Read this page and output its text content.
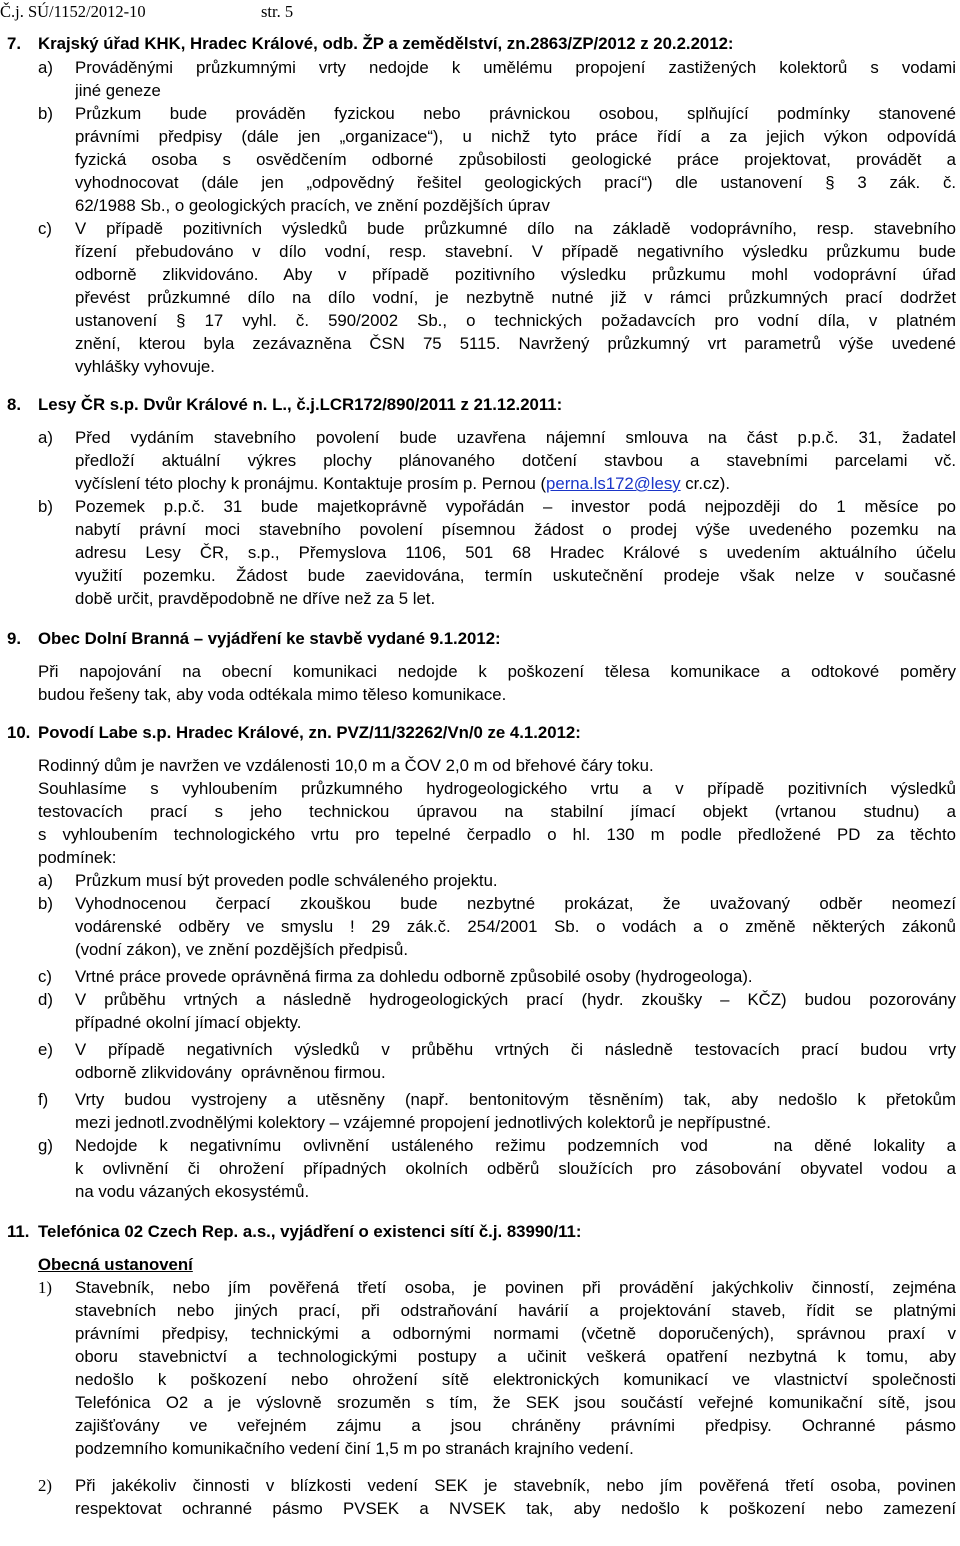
Č.j. SÚ/1152/2012-10	str. 5
7. Krajský úřad KHK, Hradec Králové, odb. ŽP a zemědělství, zn.2863/ZP/2012 z 20.2.2012:
a) Prováděnými průzkumnými vrty nedojde k umělému propojení zastižených kolektorů s vodami
jiné geneze
b) Průzkum bude prováděn fyzickou nebo právnickou osobou, splňující podmínky stanovené
právními předpisy (dále jen „organizace“), u nichž tyto práce řídí a za jejich výkon odpovídá
fyzická osoba s osvědčením odborné způsobilosti geologické práce projektovat, provádět a
vyhodnocovat (dále jen „odpovědný řešitel geologických prací“) dle ustanovení § 3 zák. č.
62/1988 Sb., o geologických pracích, ve znění pozdějších úprav
c) V případě pozitivních výsledků bude průzkumné dílo na základě vodoprávního, resp. stavebního
řízení přebudováno v dílo vodní, resp. stavební. V případě negativního výsledku průzkumu bude
odborně zlikvidováno. Aby v případě pozitivního výsledku průzkumu mohl vodoprávní úřad
převést průzkumné dílo na dílo vodní, je nezbytně nutné již v rámci průzkumných prací dodržet
ustanovení § 17 vyhl. č. 590/2002 Sb., o technických požadavcích pro vodní díla, v platném
znění, kterou byla zezávazněna ČSN 75 5115. Navržený průzkumný vrt parametrů výše uvedené
vyhlášky vyhovuje.
8. Lesy ČR s.p. Dvůr Králové n. L., č.j.LCR172/890/2011 z 21.12.2011:
a) Před vydáním stavebního povolení bude uzavřena nájemní smlouva na část p.p.č. 31, žadatel
předloží aktuální výkres plochy plánovaného dotčení stavbou a stavebními parcelami vč.
vyčíslení této plochy k pronájmu. Kontaktuje prosím p. Pernou (perna.ls172@lesy cr.cz).
b) Pozemek p.p.č. 31 bude majetkoprávně vypořádán – investor podá nejpozději do 1 měsíce po
nabytí právní moci stavebního povolení písemnou žádost o prodej výše uvedeného pozemku na
adresu Lesy ČR, s.p., Přemyslova 1106, 501 68 Hradec Králové s uvedením aktuálního účelu
využití pozemku. Žádost bude zaevidována, termín uskutečnění prodeje však nelze v současné
době určit, pravděpodobně ne dříve než za 5 let.
9. Obec Dolní Branná – vyjádření ke stavbě vydané 9.1.2012:
Při napojování na obecní komunikaci nedojde k poškození tělesa komunikace a odtokové poměry
budou řešeny tak, aby voda odtékala mimo těleso komunikace.
10. Povodí Labe s.p. Hradec Králové, zn. PVZ/11/32262/Vn/0 ze 4.1.2012:
Rodinný dům je navržen ve vzdálenosti 10,0 m a ČOV 2,0 m od břehové čáry toku.
Souhlasíme s vyhloubením průzkumného hydrogeologického vrtu a v případě pozitivních výsledků
testovacích prací s jeho technickou úpravou na stabilní jímací objekt (vrtanou studnu) a
s vyhloubením technologického vrtu pro tepelné čerpadlo o hl. 130 m podle předložené PD za těchto
podmínek:
a) Průzkum musí být proveden podle schváleného projektu.
b) Vyhodnocenou čerpací zkouškou bude nezbytné prokázat, že uvažovaný odběr neomezí
vodárenské odběry ve smyslu ! 29 zák.č. 254/2001 Sb. o vodách a o změně některých zákonů
(vodní zákon), ve znění pozdějších předpisů.
c) Vrtné práce provede oprávněná firma za dohledu odborně způsobilé osoby (hydrogeologa).
d) V průběhu vrtných a následně hydrogeologických prací (hydr. zkoušky – KČZ) budou pozorovány
případné okolní jímací objekty.
e) V případě negativních výsledků v průběhu vrtných či následně testovacích prací budou vrty
odborně zlikvidovány  oprávněnou firmou.
f) Vrty budou vystrojeny a utěsněny (např. bentonitovým těsněním) tak, aby nedošlo k přetokům
mezi jednotl.zvodnělými kolektory – vzájemné propojení jednotlivých kolektorů je nepřípustné.
g) Nedojde k negativnímu ovlivnění ustáleného režimu podzemních vod   na děné lokality a
k ovlivnění či ohrožení případných okolních odběrů sloužících pro zásobování obyvatel vodou a
na vodu vázaných ekosystémů.
11. Telefónica 02 Czech Rep. a.s., vyjádření o existenci sítí č.j. 83990/11:
Obecná ustanovení
1) Stavebník, nebo jím pověřená třetí osoba, je povinen při provádění jakýchkoliv činností, zejména
stavebních nebo jiných prací, při odstraňování havárií a projektování staveb, řídit se platnými
právními předpisy, technickými a odbornými normami (včetně doporučených), správnou praxí v
oboru stavebnictví a technologickými postupy a učinit veškerá opatření nezbytná k tomu, aby
nedošlo k poškození nebo ohrožení sítě elektronických komunikací ve vlastnictví společnosti
Telefónica O2 a je výslovně srozuměn s tím, že SEK jsou součástí veřejné komunikační sítě, jsou
zajišťovány ve veřejném zájmu a jsou chráněny právními předpisy. Ochranné pásmo
podzemního komunikačního vedení činí 1,5 m po stranách krajního vedení.
2) Při jakékoliv činnosti v blízkosti vedení SEK je stavebník, nebo jím pověřená třetí osoba, povinen
respektovat ochranné pásmo PVSEK a NVSEK tak, aby nedošlo k poškození nebo zamezení
